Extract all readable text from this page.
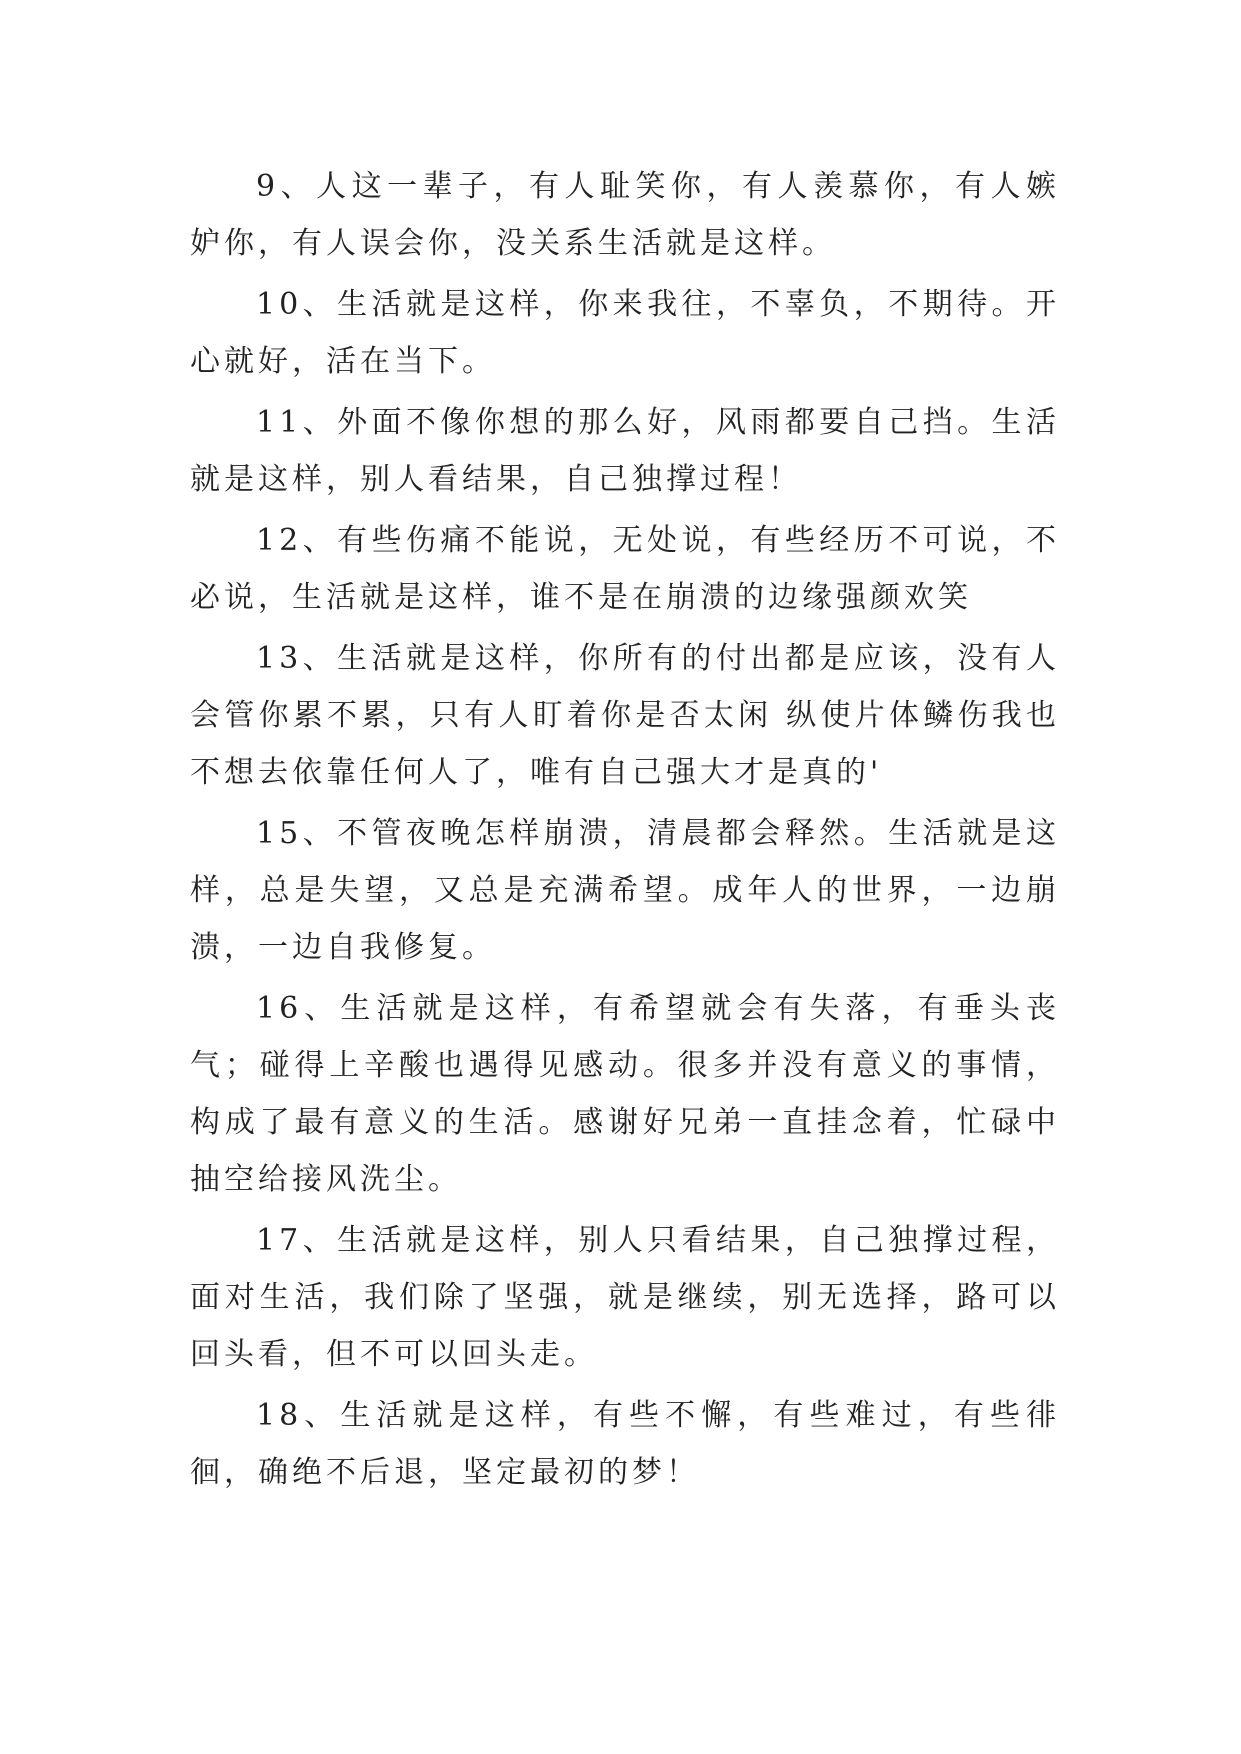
9、人这一辈子，有人耻笑你，有人羡慕你，有人嫉妒你，有人误会你，没关系生活就是这样。

10、生活就是这样，你来我往，不辜负，不期待。开心就好，活在当下。

11、外面不像你想的那么好，风雨都要自己挡。生活就是这样，别人看结果，自己独撑过程！

12、有些伤痛不能说，无处说，有些经历不可说，不必说，生活就是这样，谁不是在崩溃的边缘强颜欢笑

13、生活就是这样，你所有的付出都是应该，没有人会管你累不累，只有人盯着你是否太闲 纵使片体鳞伤我也不想去依靠任何人了，唯有自己强大才是真的'

15、不管夜晚怎样崩溃，清晨都会释然。生活就是这样，总是失望，又总是充满希望。成年人的世界，一边崩溃，一边自我修复。

16、生活就是这样，有希望就会有失落，有垂头丧气；碰得上辛酸也遇得见感动。很多并没有意义的事情，构成了最有意义的生活。感谢好兄弟一直挂念着，忙碌中抽空给接风洗尘。

17、生活就是这样，别人只看结果，自己独撑过程，面对生活，我们除了坚强，就是继续，别无选择，路可以回头看，但不可以回头走。

18、生活就是这样，有些不懈，有些难过，有些徘徊，确绝不后退，坚定最初的梦！
